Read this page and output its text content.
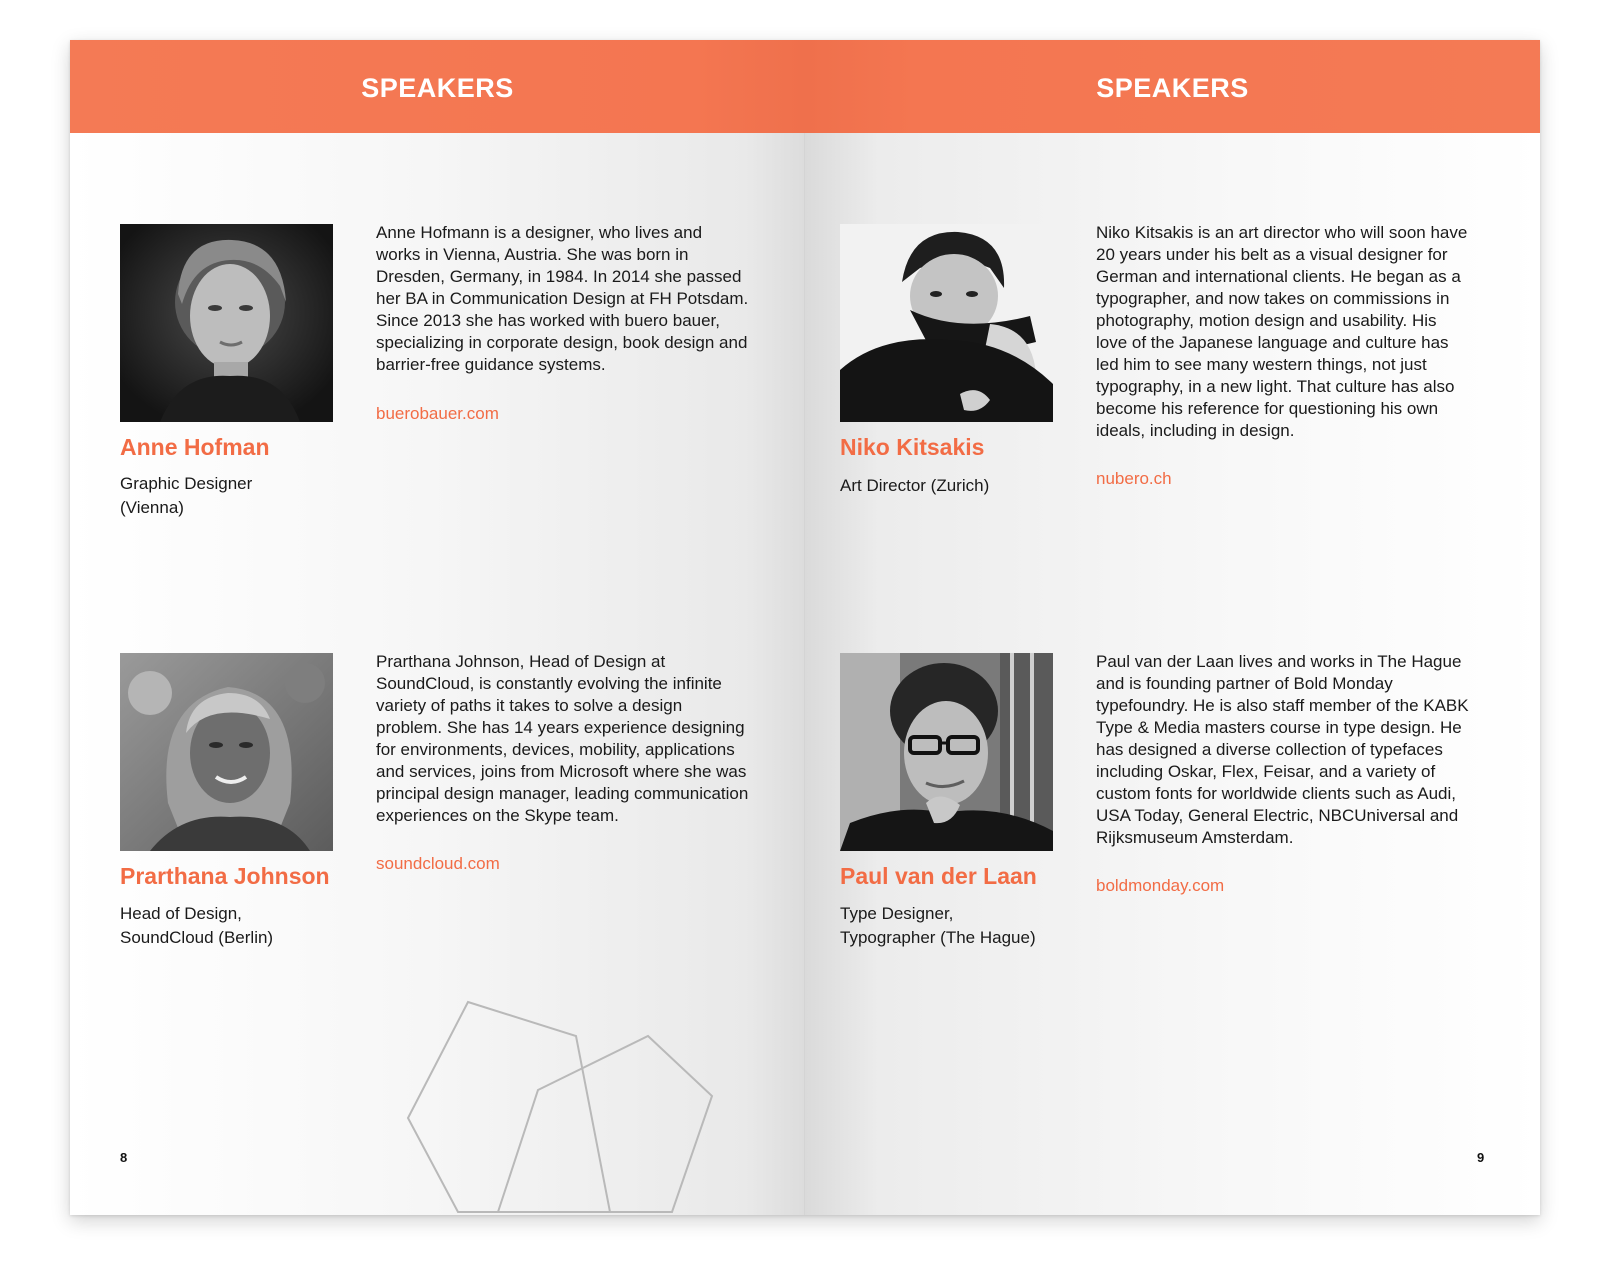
SPEAKERS
Anne Hofman
Graphic Designer
(Vienna)
Anne Hofmann is a designer, who lives and works in Vienna, Austria. She was born in Dresden, Germany, in 1984. In 2014 she passed her BA in Communication Design at FH Potsdam. Since 2013 she has worked with buero bauer, specializing in corporate design, book design and barrier-free guidance systems.
buerobauer.com
Prarthana Johnson
Head of Design,
SoundCloud (Berlin)
Prarthana Johnson, Head of Design at SoundCloud, is constantly evolving the infinite variety of paths it takes to solve a design problem. She has 14 years experience designing for environments, devices, mobility, applications and services, joins from Microsoft where she was principal design manager, leading communication experiences on the Skype team.
soundcloud.com
8
SPEAKERS
Niko Kitsakis
Art Director (Zurich)
Niko Kitsakis is an art director who will soon have 20 years under his belt as a visual designer for German and international clients. He began as a typographer, and now takes on commissions in photography, motion design and usability. His love of the Japanese language and culture has led him to see many western things, not just typography, in a new light. That culture has also become his reference for questioning his own ideals, including in design.
nubero.ch
Paul van der Laan
Type Designer,
Typographer (The Hague)
Paul van der Laan lives and works in The Hague and is founding partner of Bold Monday typefoundry. He is also staff member of the KABK Type & Media masters course in type design. He has designed a diverse collection of typefaces including Oskar, Flex, Feisar, and a variety of custom fonts for worldwide clients such as Audi, USA Today, General Electric, NBCUniversal and Rijksmuseum Amsterdam.
boldmonday.com
9
